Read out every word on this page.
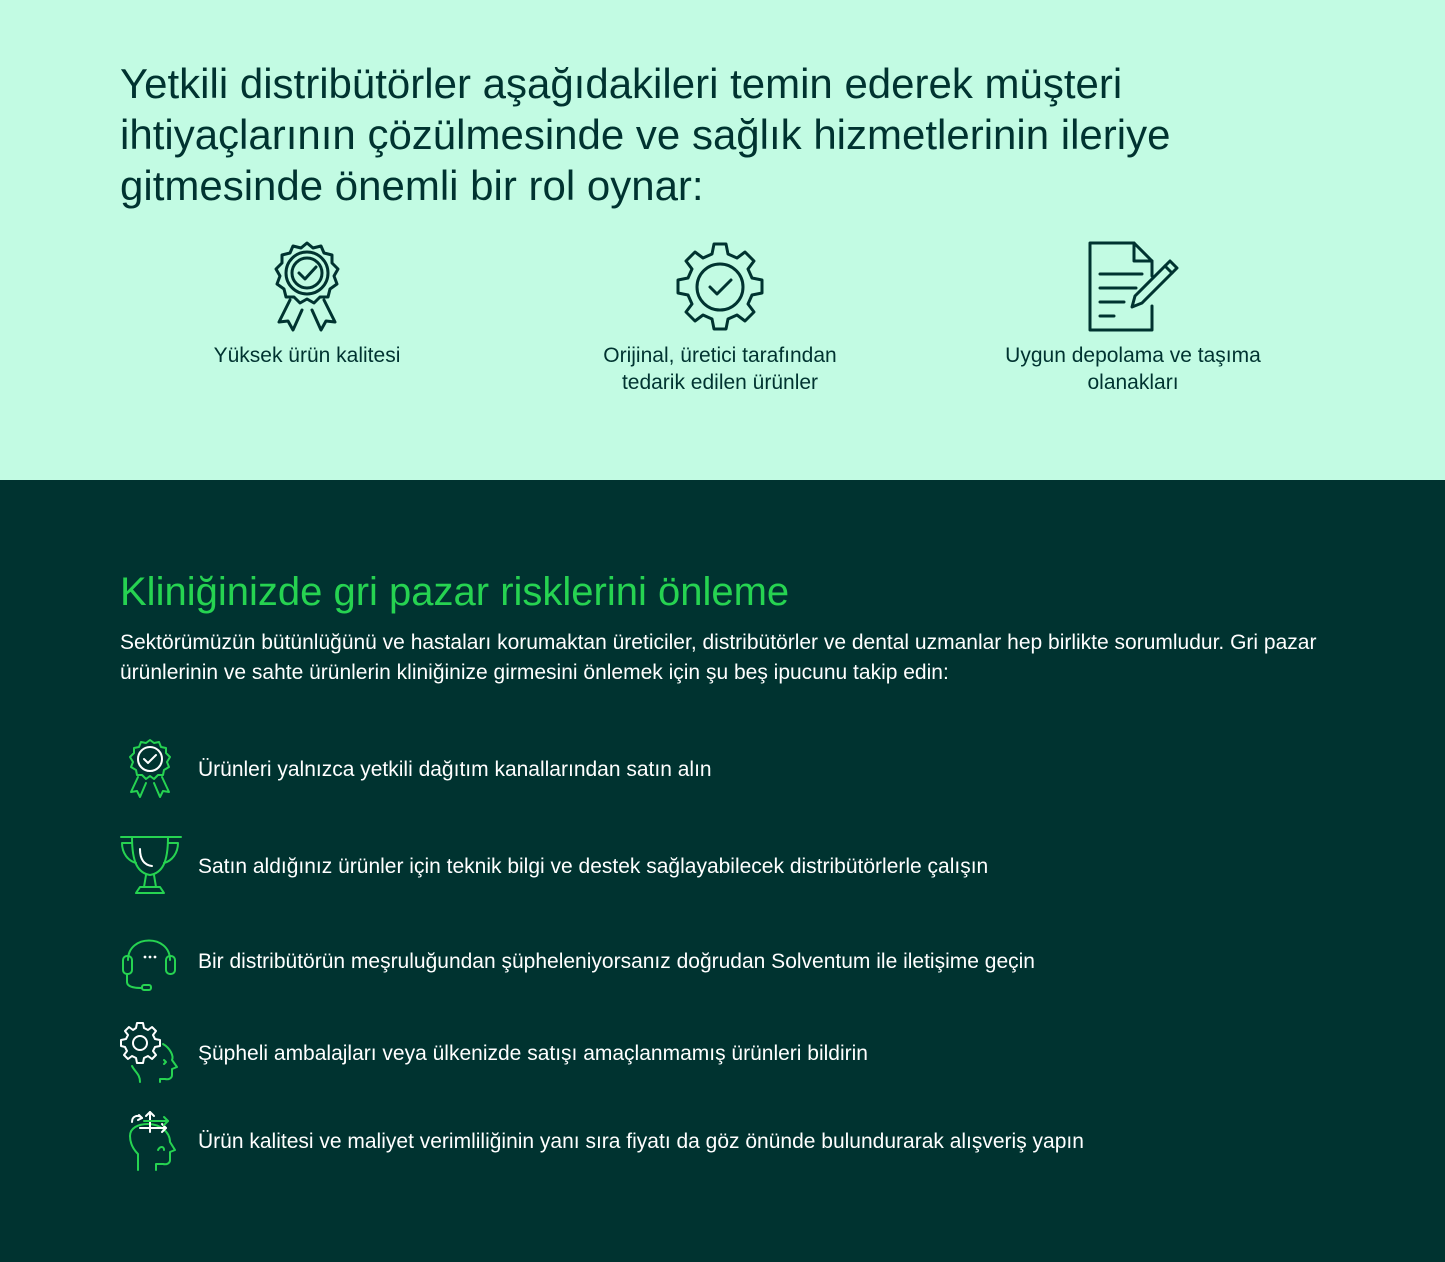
Yetkili distribütörler aşağıdakileri temin ederek müşteri ihtiyaçlarının çözülmesinde ve sağlık hizmetlerinin ileriye gitmesinde önemli bir rol oynar:
Yüksek ürün kalitesi	Orijinal, üretici tarafından tedarik edilen ürünler
Uygun depolama ve taşıma olanakları
Kliniğinizde gri pazar risklerini önleme

Sektörümüzün bütünlüğünü ve hastaları korumaktan üreticiler, distribütörler ve dental uzmanlar hep birlikte sorumludur. Gri pazar ürünlerinin ve sahte ürünlerin kliniğinize girmesini önlemek için şu beş ipucunu takip edin:

Ürünleri yalnızca yetkili dağıtım kanallarından satın alın
Satın aldığınız ürünler için teknik bilgi ve destek sağlayabilecek distribütörlerle çalışın
Bir distribütörün meşruluğundan şüpheleniyorsanız doğrudan Solventum ile iletişime geçin
Şüpheli ambalajları veya ülkenizde satışı amaçlanmamış ürünleri bildirin
Ürün kalitesi ve maliyet verimliliğinin yanı sıra fiyatı da göz önünde bulundurarak alışveriş yapın
